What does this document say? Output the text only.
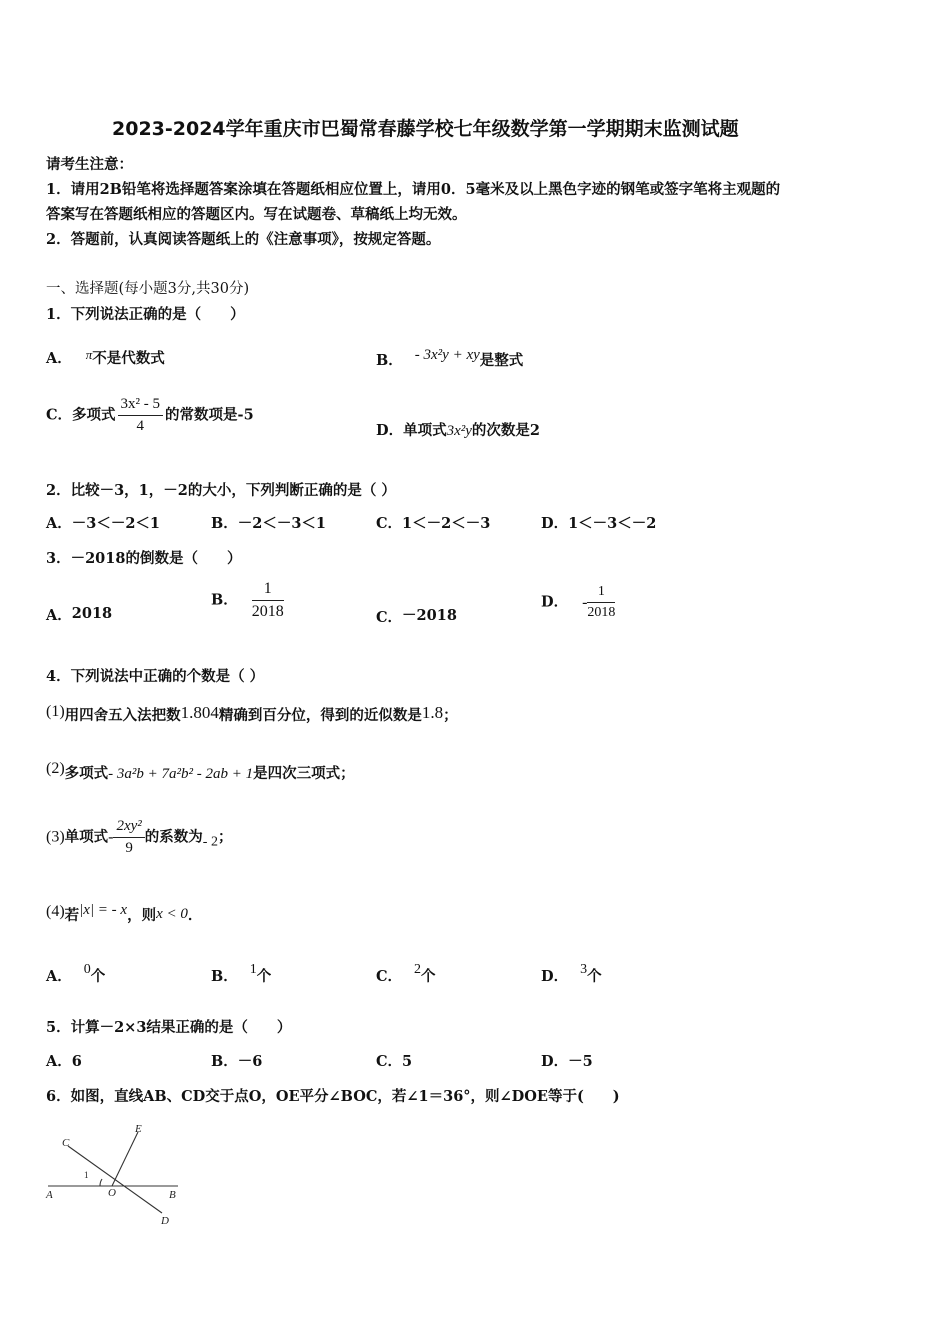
2023-2024学年重庆市巴蜀常春藤学校七年级数学第一学期期末监测试题
请考生注意：
1．请用2B铅笔将选择题答案涂填在答题纸相应位置上，请用0．5毫米及以上黑色字迹的钢笔或签字笔将主观题的
答案写在答题纸相应的答题区内。写在试题卷、草稿纸上均无效。
2．答题前，认真阅读答题纸上的《注意事项》，按规定答题。
一、选择题(每小题3分,共30分)
1．下列说法正确的是（　　）
A． π不是代数式	B． - 3x²y + xy是整式
C．多项式 $\frac{\text{3x² - 5}}{4}$ 的常数项是-5
D．单项式3x²y的次数是2
2．比较－3，1，－2的大小，下列判断正确的是（ ）
A．－3＜－2＜1	B．－2＜－3＜1	C．1＜－2＜－3	D．1＜－3＜－2
3．－2018的倒数是（　　）
A．2018
B． $\frac{1}{2018}$	C．－2018
D． - $\frac{1}{2018}$
4．下列说法中正确的个数是（ ）
(1)用四舍五入法把数1.804精确到百分位，得到的近似数是1.8；
(2)多项式- 3a²b + 7a²b² - 2ab + 1是四次三项式；
(3)单项式- $\frac{\text{2xy²}}{9}$ 的系数为- 2；
(4)若|x| = - x，则x < 0．
A． 0个	B． 1个	C． 2个	D． 3个
5．计算－2×3结果正确的是（　　）
A．6	B．－6	C．5	D．－5
6．如图，直线AB、CD交于点O，OE平分∠BOC，若∠1＝36°，则∠DOE等于(　　)
C
E
1
A	O	B
D
